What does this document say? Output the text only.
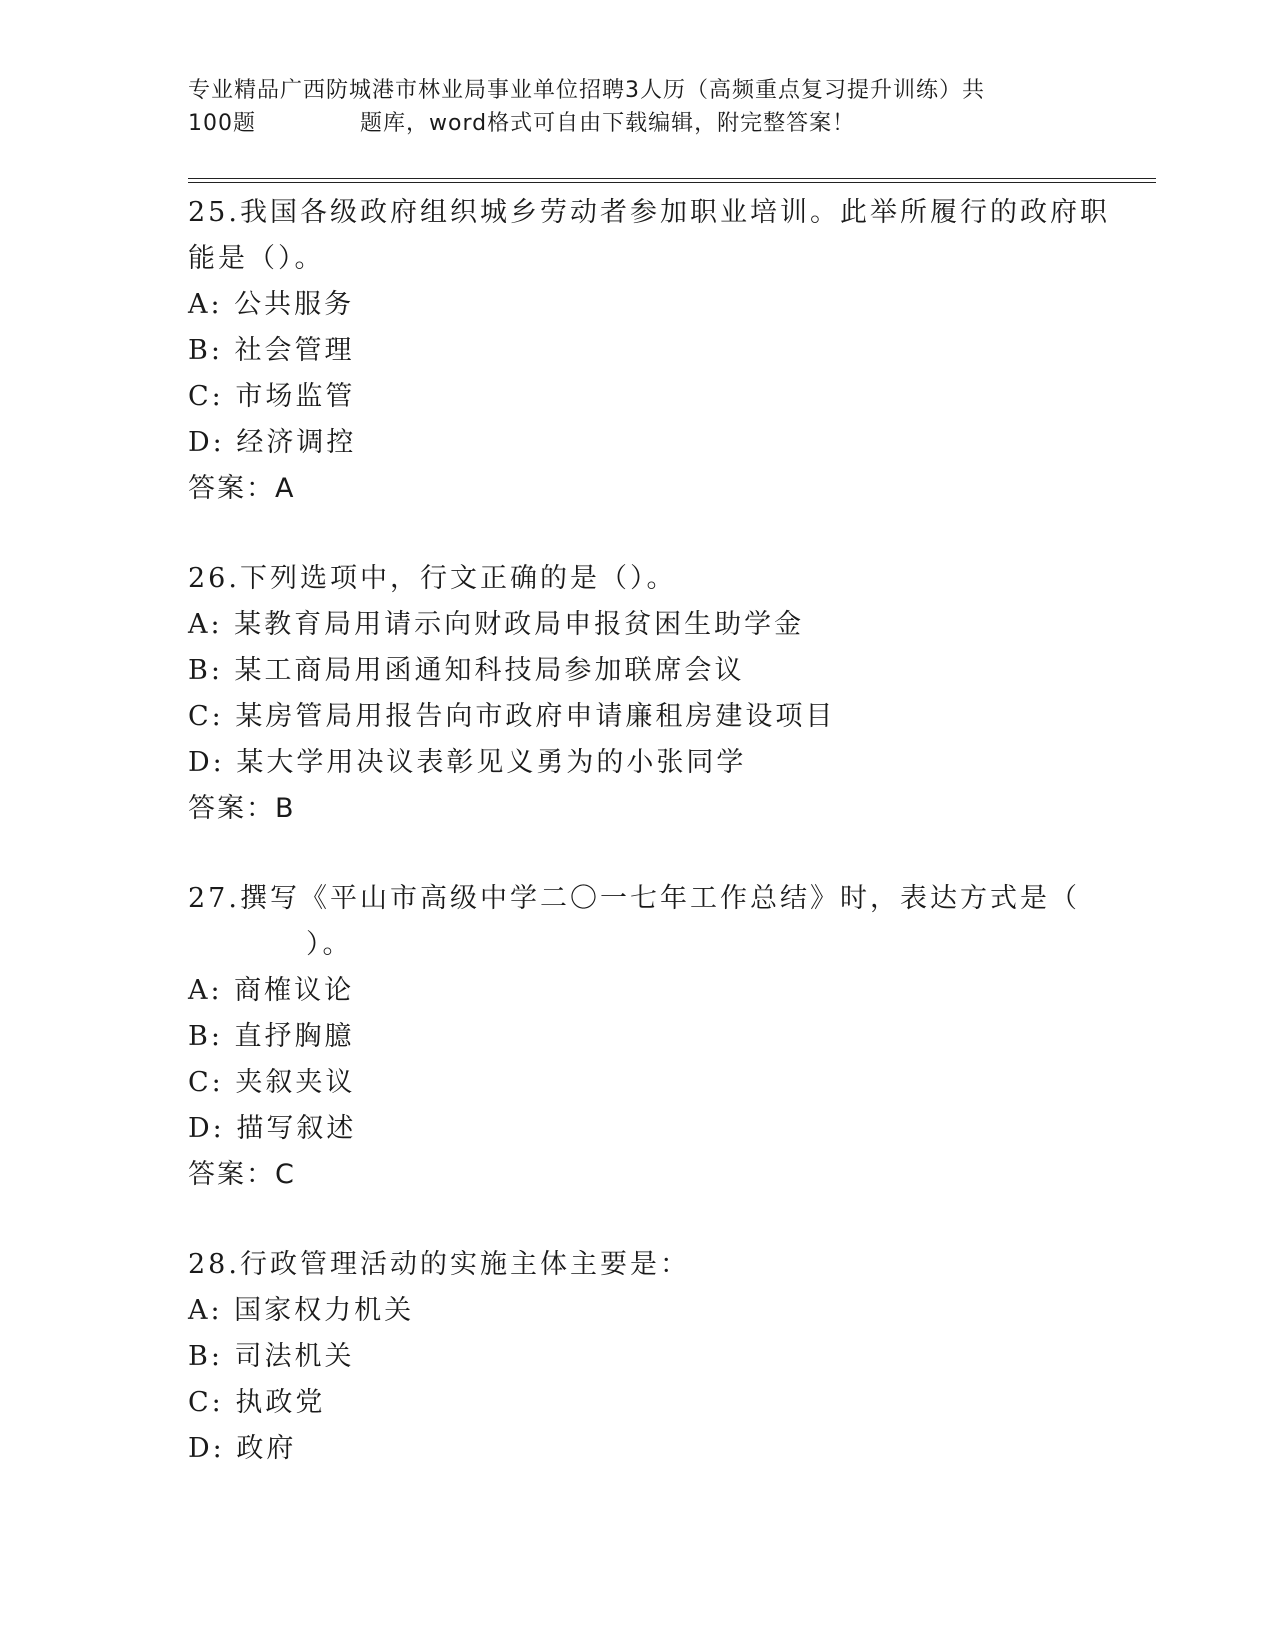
专业精品广西防城港市林业局事业单位招聘3人历（高频重点复习提升训练）共
100题	题库，word格式可自由下载编辑，附完整答案！
25.我国各级政府组织城乡劳动者参加职业培训。此举所履行的政府职
能是（）。
A: 公共服务
B: 社会管理
C: 市场监管
D: 经济调控
答案：A
26.下列选项中，行文正确的是（）。
A: 某教育局用请示向财政局申报贫困生助学金
B: 某工商局用函通知科技局参加联席会议
C: 某房管局用报告向市政府申请廉租房建设项目
D: 某大学用决议表彰见义勇为的小张同学
答案：B
27.撰写《平山市高级中学二〇一七年工作总结》时，表达方式是（
）。
A: 商榷议论
B: 直抒胸臆
C: 夹叙夹议
D: 描写叙述
答案：C
28.行政管理活动的实施主体主要是：
A: 国家权力机关
B: 司法机关
C: 执政党
D: 政府
